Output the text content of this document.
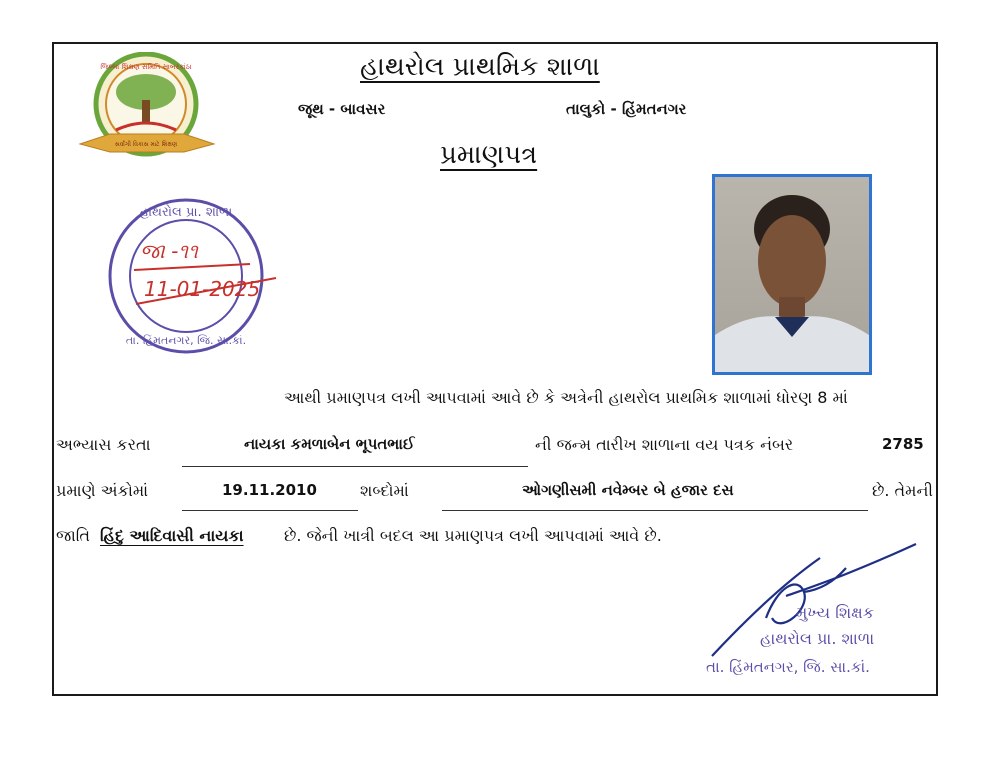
જિલ્લા શિક્ષણ સમિતિ સાબરકાંઠા
સર્વાંગી વિકાસ માટે શિક્ષણ
હાથરોલ પ્રાથમિક શાળા
જૂથ - બાવસર	તાલુકો - હિંમતનગર
પ્રમાણપત્ર
હાથરોલ પ્રા. શાળા
તા. હિંમતનગર, જિ. સા.કાં.
જા -૧૧
11-01-2025
આથી પ્રમાણપત્ર લખી આપવામાં આવે છે કે અત્રેની હાથરોલ પ્રાથમિક શાળામાં ધોરણ 8 માં
અભ્યાસ કરતા	નાયકા કમળાબેન ભૂપતભાઈ	ની જન્મ તારીખ શાળાના વય પત્રક નંબર	2785
પ્રમાણે અંકોમાં	19.11.2010	શબ્દોમાં	ઓગણીસમી નવેમ્બર બે હજાર દસ	છે. તેમની
જાતિ હિંદુ આદિવાસી નાયકા	છે. જેની ખાત્રી બદલ આ પ્રમાણપત્ર લખી આપવામાં આવે છે.
મુખ્ય શિક્ષક
હાથરોલ પ્રા. શાળા
તા. હિંમતનગર, જિ. સા.કાં.
